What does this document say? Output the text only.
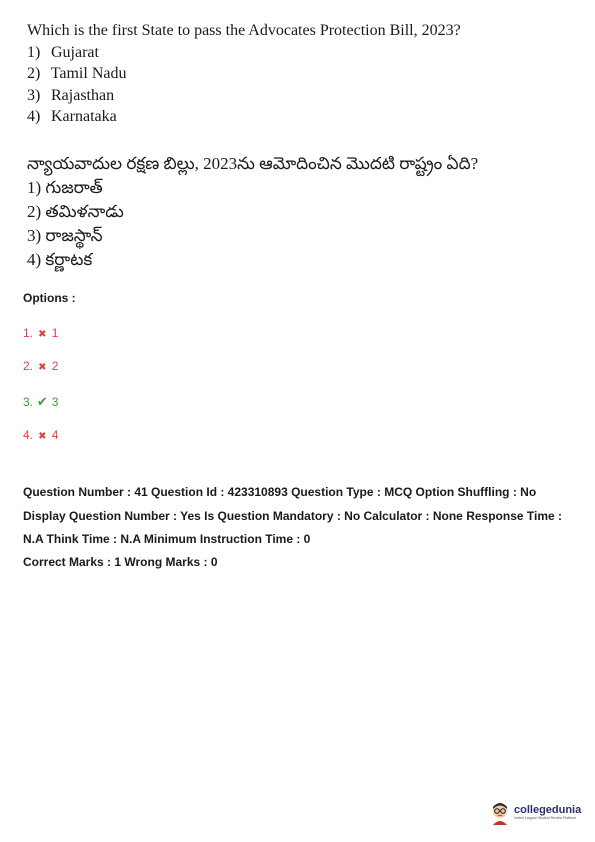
Which is the first State to pass the Advocates Protection Bill, 2023?
1) Gujarat
2) Tamil Nadu
3) Rajasthan
4) Karnataka
న్యాయవాదుల రక్షణ బిల్లు, 2023ను ఆమోదించిన మొదటి రాష్ట్రం ఏది?
1) గుజరాత్
2) తమిళనాడు
3) రాజస్థాన్
4) కర్ణాటక
Options :
1. ✖ 1
2. ✖ 2
3. ✔ 3
4. ✖ 4
Question Number : 41 Question Id : 423310893 Question Type : MCQ Option Shuffling : No Display Question Number : Yes Is Question Mandatory : No Calculator : None Response Time : N.A Think Time : N.A Minimum Instruction Time : 0
Correct Marks : 1 Wrong Marks : 0
collegedunia
India's Largest Student Review Platform
